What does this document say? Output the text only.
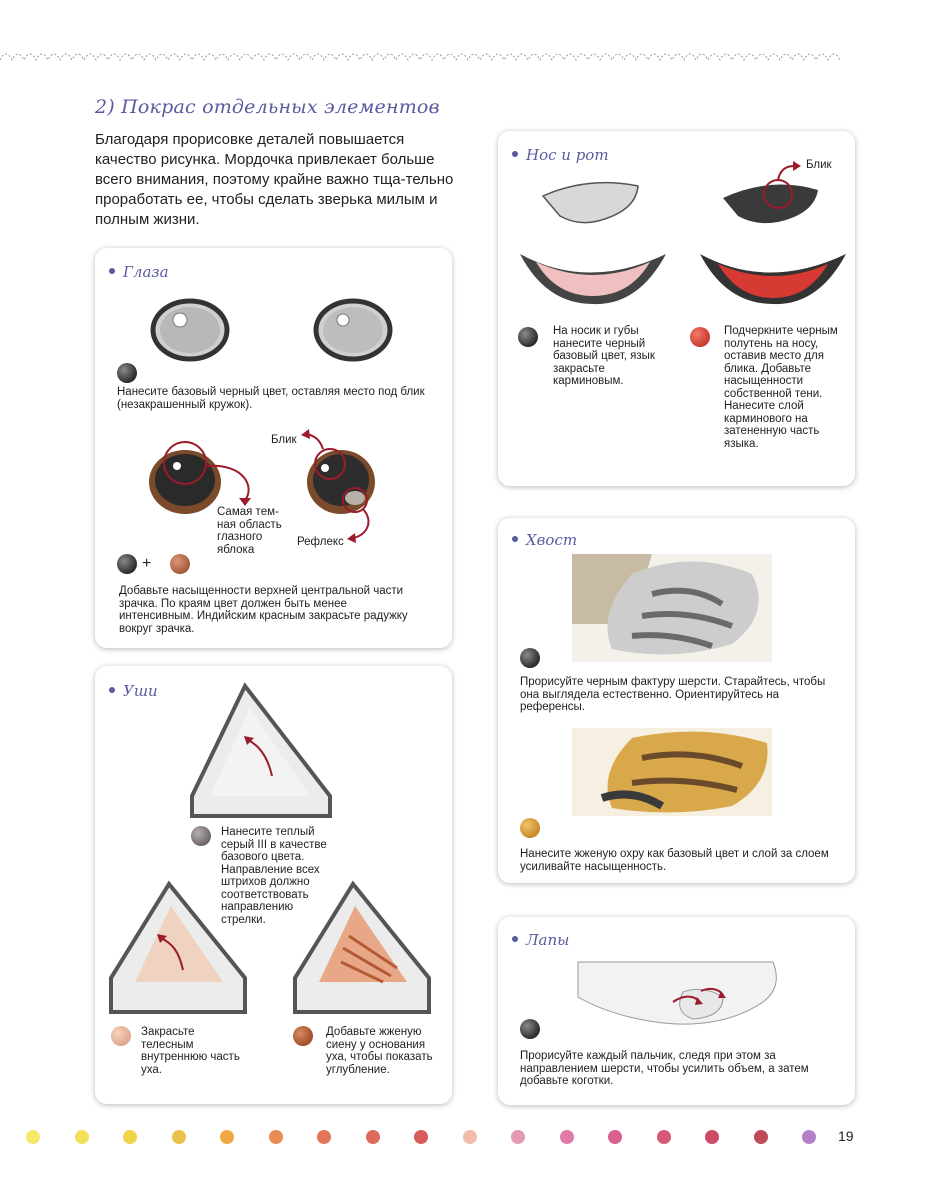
2) Покрас отдельных элементов

Благодаря прорисовке деталей повышается качество рисунка. Мордочка привлекает больше всего внимания, поэтому крайне важно тща-тельно проработать ее, чтобы сделать зверька милым и полным жизни.

Глаза

Нанесите базовый черный цвет, оставляя место под блик (незакрашенный кружок).

Блик
Самая тем-ная область глазного яблока
Рефлекс
+

Добавьте насыщенности верхней центральной части зрачка. По краям цвет должен быть менее интенсивным. Индийским красным закрасьте радужку вокруг зрачка.

Уши

Нанесите теплый серый III в качестве базового цвета. Направление всех штрихов должно соответствовать направлению стрелки.

Закрасьте телесным внутреннюю часть уха.

Добавьте жженую сиену у основания уха, чтобы показать углубление.

Нос и рот
Блик

На носик и губы нанесите черный базовый цвет, язык закрасьте карминовым.

Подчеркните черным полутень на носу, оставив место для блика. Добавьте насыщенности собственной тени. Нанесите слой карминового на затененную часть языка.

Хвост

Прорисуйте черным фактуру шерсти. Старайтесь, чтобы она выглядела естественно. Ориентируйтесь на референсы.

Нанесите жженую охру как базовый цвет и слой за слоем усиливайте насыщенность.

Лапы

Прорисуйте каждый пальчик, следя при этом за направлением шерсти, чтобы усилить объем, а затем добавьте коготки.

19
